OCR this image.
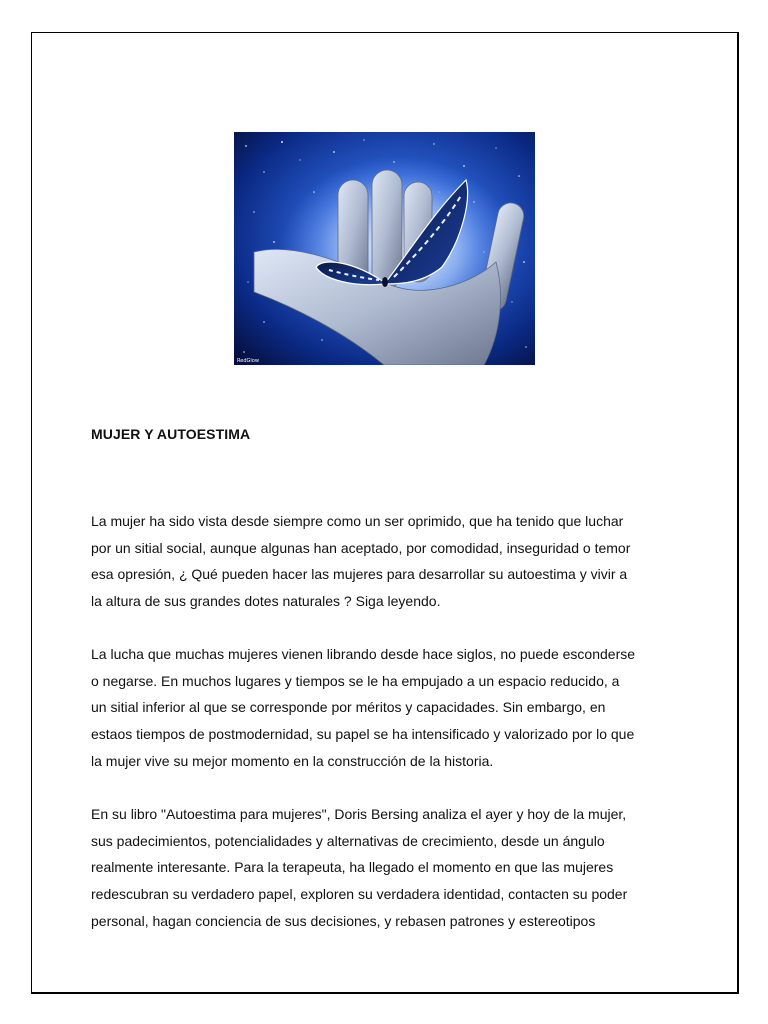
RedGlow
MUJER Y AUTOESTIMA
La mujer ha sido vista desde siempre como un ser oprimido, que ha tenido que luchar
por un sitial social, aunque algunas han aceptado, por comodidad, inseguridad o temor
esa opresión, ¿ Qué pueden hacer las mujeres para desarrollar su autoestima y vivir a
la altura de sus grandes dotes naturales ? Siga leyendo.
La lucha que muchas mujeres vienen librando desde hace siglos, no puede esconderse
o negarse. En muchos lugares y tiempos se le ha empujado a un espacio reducido, a
un sitial inferior al que se corresponde por méritos y capacidades. Sin embargo, en
estaos tiempos de postmodernidad, su papel se ha intensificado y valorizado por lo que
la mujer vive su mejor momento en la construcción de la historia.
En su libro "Autoestima para mujeres", Doris Bersing analiza el ayer y hoy de la mujer,
sus padecimientos, potencialidades y alternativas de crecimiento, desde un ángulo
realmente interesante. Para la terapeuta, ha llegado el momento en que las mujeres
redescubran su verdadero papel, exploren su verdadera identidad, contacten su poder
personal, hagan conciencia de sus decisiones, y rebasen patrones y estereotipos
